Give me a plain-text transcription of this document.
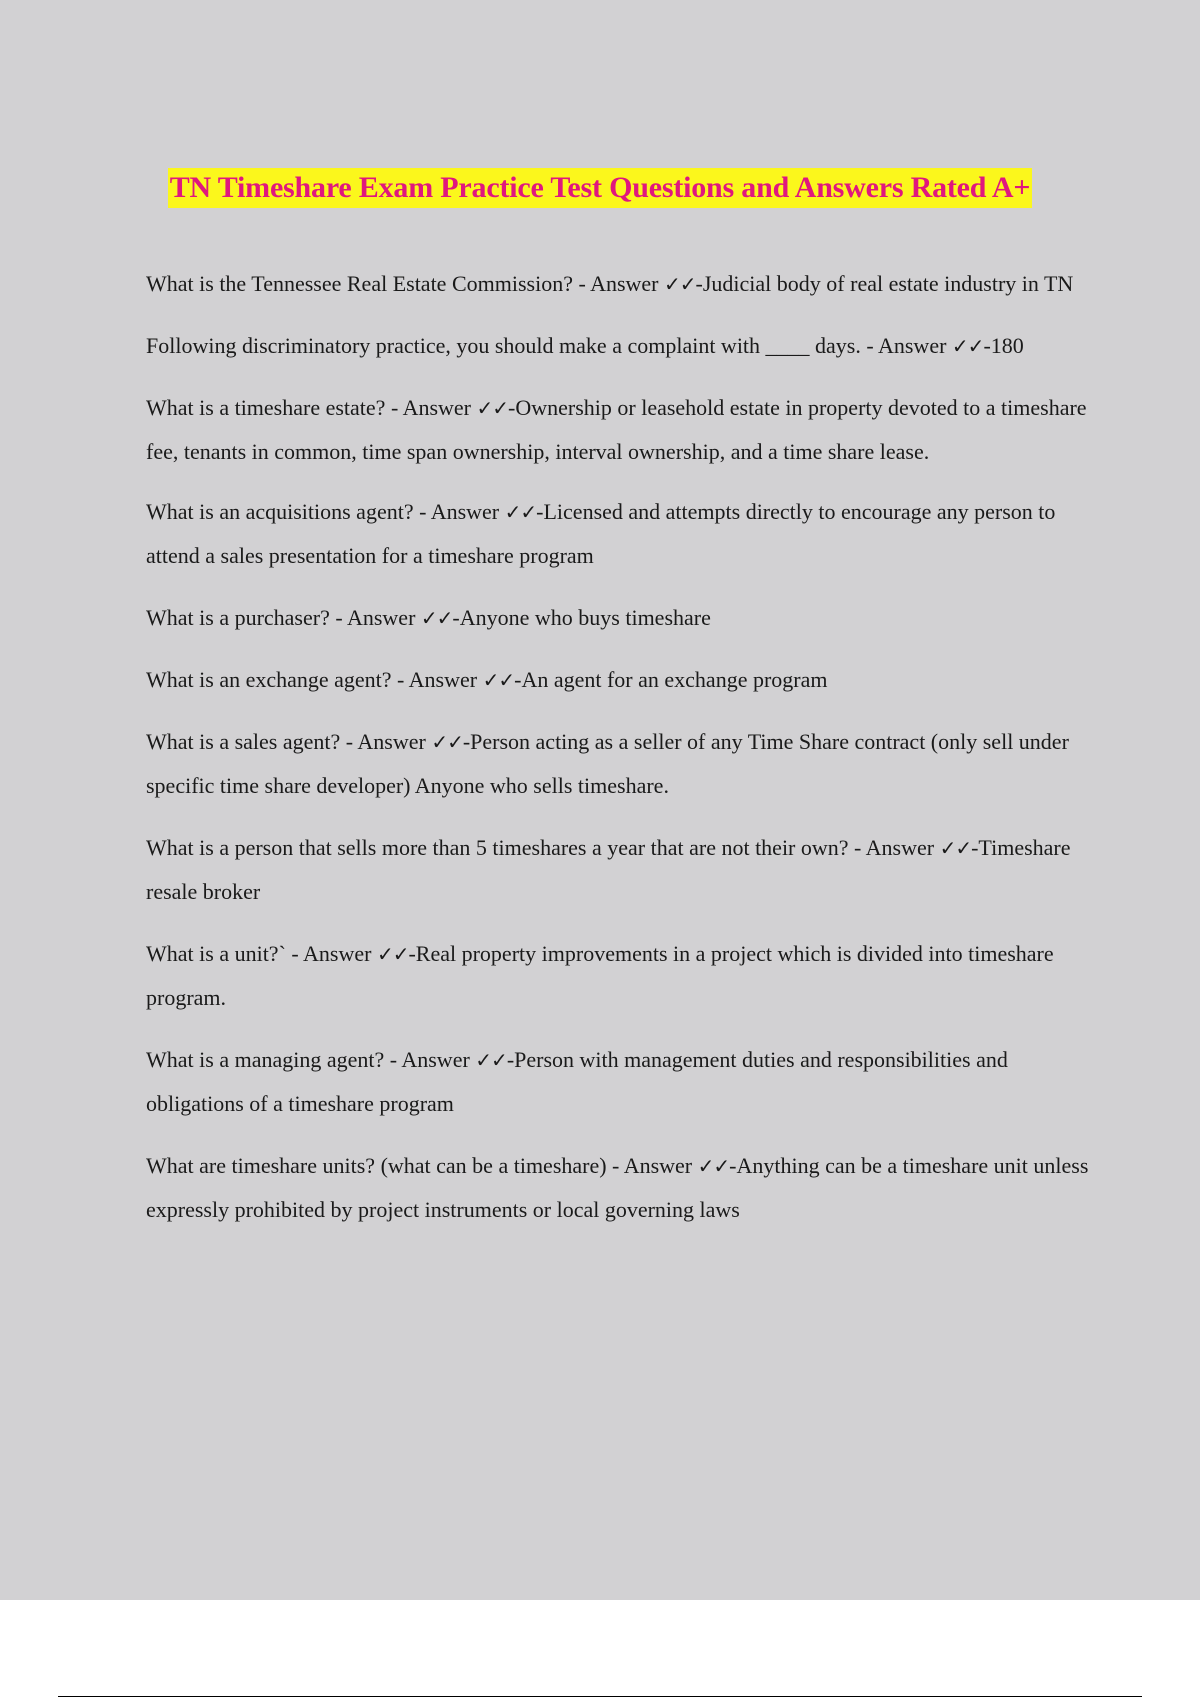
TN Timeshare Exam Practice Test Questions and Answers Rated A+
What is the Tennessee Real Estate Commission? - Answer ✓✓-Judicial body of real estate industry in TN
Following discriminatory practice, you should make a complaint with ____ days. - Answer ✓✓-180
What is a timeshare estate? - Answer ✓✓-Ownership or leasehold estate in property devoted to a timeshare fee, tenants in common, time span ownership, interval ownership, and a time share lease.
What is an acquisitions agent? - Answer ✓✓-Licensed and attempts directly to encourage any person to attend a sales presentation for a timeshare program
What is a purchaser? - Answer ✓✓-Anyone who buys timeshare
What is an exchange agent? - Answer ✓✓-An agent for an exchange program
What is a sales agent? - Answer ✓✓-Person acting as a seller of any Time Share contract (only sell under specific time share developer) Anyone who sells timeshare.
What is a person that sells more than 5 timeshares a year that are not their own? - Answer ✓✓-Timeshare resale broker
What is a unit?` - Answer ✓✓-Real property improvements in a project which is divided into timeshare program.
What is a managing agent? - Answer ✓✓-Person with management duties and responsibilities and obligations of a timeshare program
What are timeshare units? (what can be a timeshare) - Answer ✓✓-Anything can be a timeshare unit unless expressly prohibited by project instruments or local governing laws
